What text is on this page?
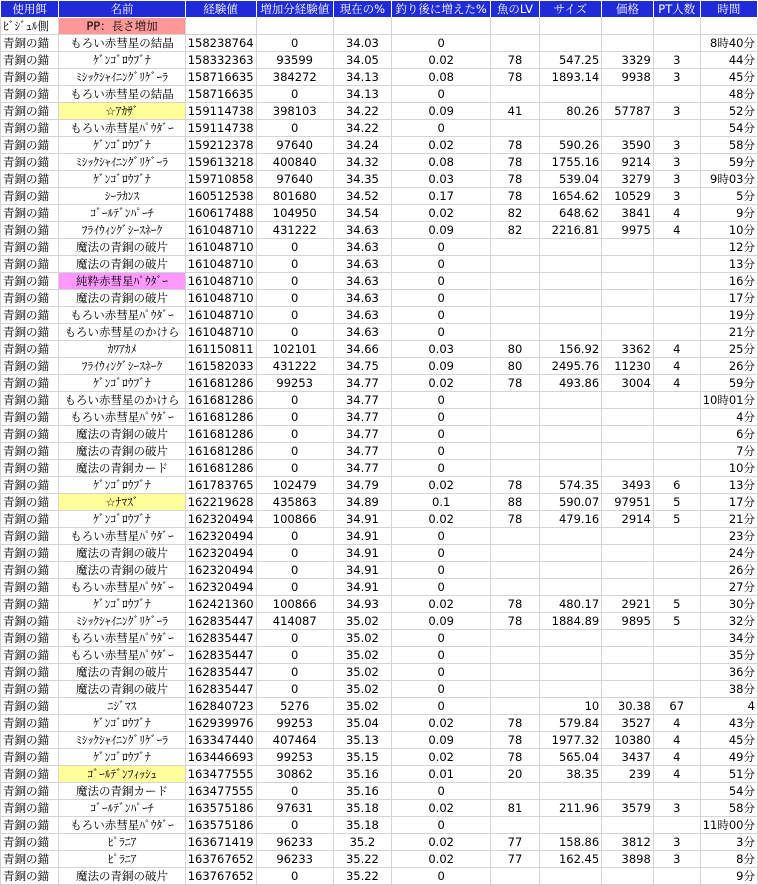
使用餌	名前	経験値	増加分経験値	現在の%	釣り後に増えた%	魚のLV	サイズ	価格	PT人数	時間
ﾋﾞｼﾞｭﾙ側	PP：長さ増加									
青銅の錨	もろい赤彗星の結晶	158238764	0	34.03	0					8時40分
青銅の錨	ｹﾞﾝｺﾞﾛｳﾌﾞﾅ	158332363	93599	34.05	0.02	78	547.25	3329	3	44分
青銅の錨	ﾐｼｯｸｼｬｲﾆﾝｸﾞﾘｹﾞｰﾗ	158716635	384272	34.13	0.08	78	1893.14	9938	3	45分
青銅の錨	もろい赤彗星の結晶	158716635	0	34.13	0					48分
青銅の錨	☆ｱｶｻﾞ	159114738	398103	34.22	0.09	41	80.26	57787	3	52分
青銅の錨	もろい赤彗星ﾊﾟｳﾀﾞｰ	159114738	0	34.22	0					54分
青銅の錨	ｹﾞﾝｺﾞﾛｳﾌﾞﾅ	159212378	97640	34.24	0.02	78	590.26	3590	3	58分
青銅の錨	ﾐｼｯｸｼｬｲﾆﾝｸﾞﾘｹﾞｰﾗ	159613218	400840	34.32	0.08	78	1755.16	9214	3	59分
青銅の錨	ｹﾞﾝｺﾞﾛｳﾌﾞﾅ	159710858	97640	34.35	0.03	78	539.04	3279	3	9時03分
青銅の錨	ｼｰﾗｶﾝｽ	160512538	801680	34.52	0.17	78	1654.62	10529	3	5分
青銅の錨	ｺﾞｰﾙﾃﾞﾝﾊﾟｰﾁ	160617488	104950	34.54	0.02	82	648.62	3841	4	9分
青銅の錨	ﾌﾗｲｳｨﾝｸﾞｼｰｽﾈｰｸ	161048710	431222	34.63	0.09	82	2216.81	9975	4	10分
青銅の錨	魔法の青銅の破片	161048710	0	34.63	0					12分
青銅の錨	魔法の青銅の破片	161048710	0	34.63	0					13分
青銅の錨	純粋赤彗星ﾊﾟｳﾀﾞｰ	161048710	0	34.63	0					16分
青銅の錨	魔法の青銅の破片	161048710	0	34.63	0					17分
青銅の錨	もろい赤彗星ﾊﾟｳﾀﾞｰ	161048710	0	34.63	0					19分
青銅の錨	もろい赤彗星のかけら	161048710	0	34.63	0					21分
青銅の錨	ｶﾜｱｶﾒ	161150811	102101	34.66	0.03	80	156.92	3362	4	25分
青銅の錨	ﾌﾗｲｳｨﾝｸﾞｼｰｽﾈｰｸ	161582033	431222	34.75	0.09	80	2495.76	11230	4	26分
青銅の錨	ｹﾞﾝｺﾞﾛｳﾌﾞﾅ	161681286	99253	34.77	0.02	78	493.86	3004	4	59分
青銅の錨	もろい赤彗星のかけら	161681286	0	34.77	0					10時01分
青銅の錨	もろい赤彗星ﾊﾟｳﾀﾞｰ	161681286	0	34.77	0					4分
青銅の錨	魔法の青銅の破片	161681286	0	34.77	0					6分
青銅の錨	魔法の青銅の破片	161681286	0	34.77	0					7分
青銅の錨	魔法の青銅カード	161681286	0	34.77	0					10分
青銅の錨	ｹﾞﾝｺﾞﾛｳﾌﾞﾅ	161783765	102479	34.79	0.02	78	574.35	3493	6	13分
青銅の錨	☆ﾅﾏｽﾞ	162219628	435863	34.89	0.1	88	590.07	97951	5	17分
青銅の錨	ｹﾞﾝｺﾞﾛｳﾌﾞﾅ	162320494	100866	34.91	0.02	78	479.16	2914	5	21分
青銅の錨	もろい赤彗星ﾊﾟｳﾀﾞｰ	162320494	0	34.91	0					23分
青銅の錨	魔法の青銅の破片	162320494	0	34.91	0					24分
青銅の錨	魔法の青銅の破片	162320494	0	34.91	0					26分
青銅の錨	もろい赤彗星ﾊﾟｳﾀﾞｰ	162320494	0	34.91	0					27分
青銅の錨	ｹﾞﾝｺﾞﾛｳﾌﾞﾅ	162421360	100866	34.93	0.02	78	480.17	2921	5	30分
青銅の錨	ﾐｼｯｸｼｬｲﾆﾝｸﾞﾘｹﾞｰﾗ	162835447	414087	35.02	0.09	78	1884.89	9895	5	32分
青銅の錨	もろい赤彗星ﾊﾟｳﾀﾞｰ	162835447	0	35.02	0					34分
青銅の錨	もろい赤彗星ﾊﾟｳﾀﾞｰ	162835447	0	35.02	0					35分
青銅の錨	魔法の青銅の破片	162835447	0	35.02	0					36分
青銅の錨	魔法の青銅の破片	162835447	0	35.02	0					38分
青銅の錨	ﾆｼﾞﾏｽ	162840723	5276	35.02	0		10	30.38	67	4
青銅の錨	ｹﾞﾝｺﾞﾛｳﾌﾞﾅ	162939976	99253	35.04	0.02	78	579.84	3527	4	43分
青銅の錨	ﾐｼｯｸｼｬｲﾆﾝｸﾞﾘｹﾞｰﾗ	163347440	407464	35.13	0.09	78	1977.32	10380	4	45分
青銅の錨	ｹﾞﾝｺﾞﾛｳﾌﾞﾅ	163446693	99253	35.15	0.02	78	565.04	3437	4	49分
青銅の錨	ｺﾞｰﾙﾃﾞﾝﾌｨｯｼｭ	163477555	30862	35.16	0.01	20	38.35	239	4	51分
青銅の錨	魔法の青銅カード	163477555	0	35.16	0					54分
青銅の錨	ｺﾞｰﾙﾃﾞﾝﾊﾟｰﾁ	163575186	97631	35.18	0.02	81	211.96	3579	3	58分
青銅の錨	もろい赤彗星ﾊﾟｳﾀﾞｰ	163575186	0	35.18	0					11時00分
青銅の錨	ﾋﾟﾗﾆｱ	163671419	96233	35.2	0.02	77	158.86	3812	3	3分
青銅の錨	ﾋﾟﾗﾆｱ	163767652	96233	35.22	0.02	77	162.45	3898	3	8分
青銅の錨	魔法の青銅の破片	163767652	0	35.22	0					9分
